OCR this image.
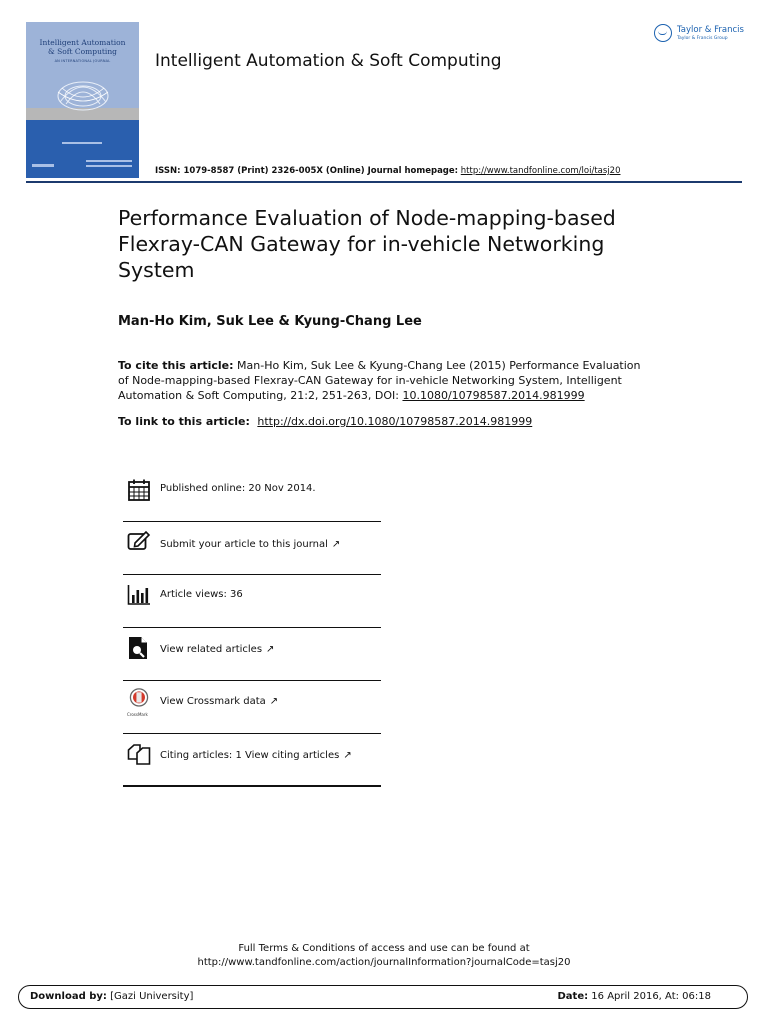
Intelligent Automation
& Soft Computing
AN INTERNATIONAL JOURNAL	Intelligent Automation & Soft Computing
Taylor & Francis
Taylor & Francis Group
ISSN: 1079-8587 (Print) 2326-005X (Online) Journal homepage: http://www.tandfonline.com/loi/tasj20
Performance Evaluation of Node-mapping-based Flexray-CAN Gateway for in-vehicle Networking System
Man-Ho Kim, Suk Lee & Kyung-Chang Lee
To cite this article: Man-Ho Kim, Suk Lee & Kyung-Chang Lee (2015) Performance Evaluation of Node-mapping-based Flexray-CAN Gateway for in-vehicle Networking System, Intelligent Automation & Soft Computing, 21:2, 251-263, DOI: 10.1080/10798587.2014.981999
To link to this article: http://dx.doi.org/10.1080/10798587.2014.981999
Published online: 20 Nov 2014.
Submit your article to this journal ↗
Article views: 36
View related articles ↗
CrossMark
View Crossmark data ↗
Citing articles: 1 View citing articles ↗
Full Terms & Conditions of access and use can be found at
http://www.tandfonline.com/action/journalInformation?journalCode=tasj20
Download by: [Gazi University]	Date: 16 April 2016, At: 06:18
